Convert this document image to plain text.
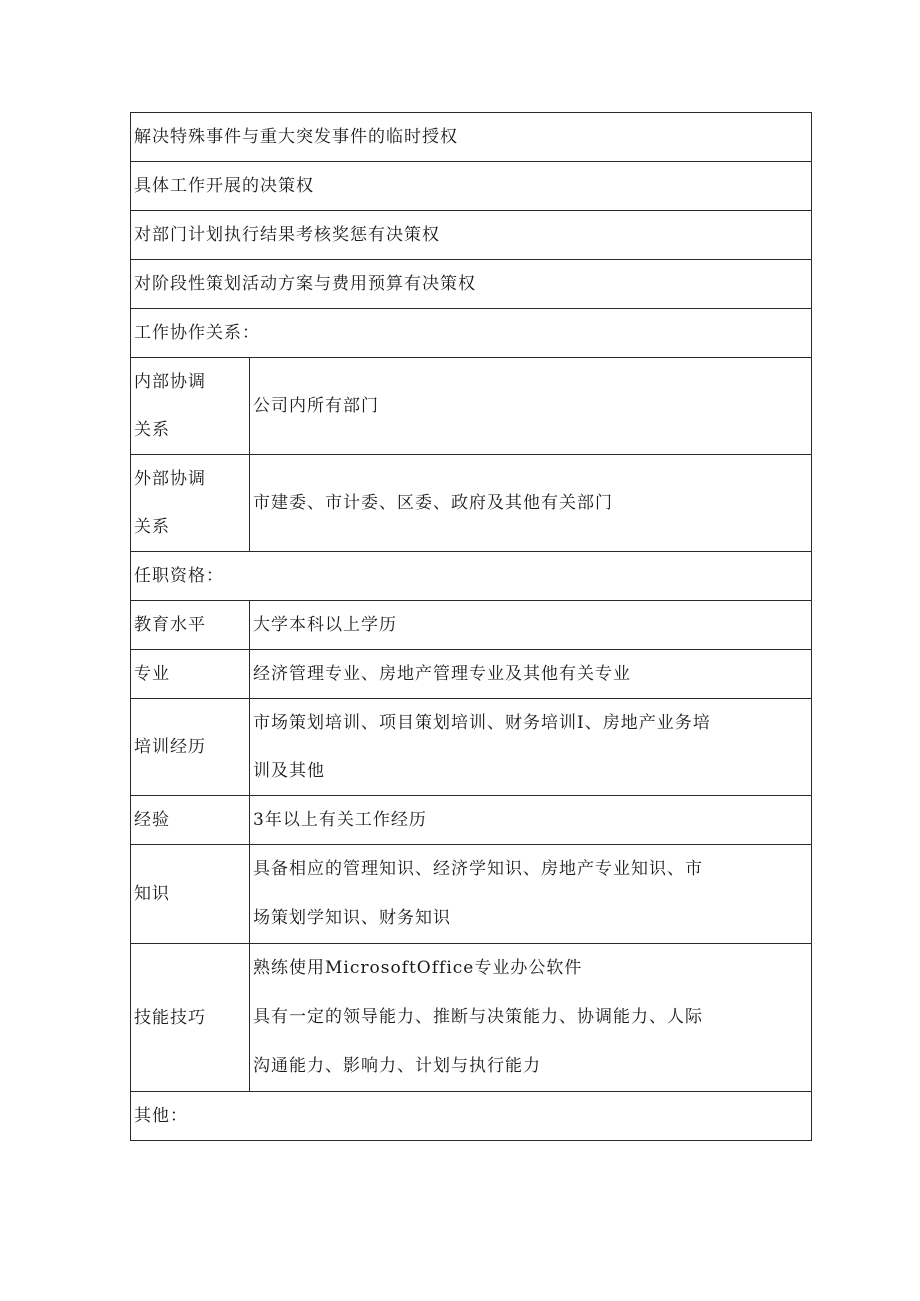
解决特殊事件与重大突发事件的临时授权	
具体工作开展的决策权	
对部门计划执行结果考核奖惩有决策权	
对阶段性策划活动方案与费用预算有决策权	
工作协作关系：	

内部协调
关系	公司内所有部门

外部协调
关系	市建委、市计委、区委、政府及其他有关部门
任职资格：	
教育水平	大学本科以上学历
专业	经济管理专业、房地产管理专业及其他有关专业
培训经历	市场策划培训、项目策划培训、财务培训I、房地产业务培
训及其他

经验	3年以上有关工作经历
知识	具备相应的管理知识、经济学知识、房地产专业知识、市
场策划学知识、财务知识

技能技巧	熟练使用MicrosoftOffice专业办公软件
具有一定的领导能力、推断与决策能力、协调能力、人际
沟通能力、影响力、计划与执行能力

其他：	
